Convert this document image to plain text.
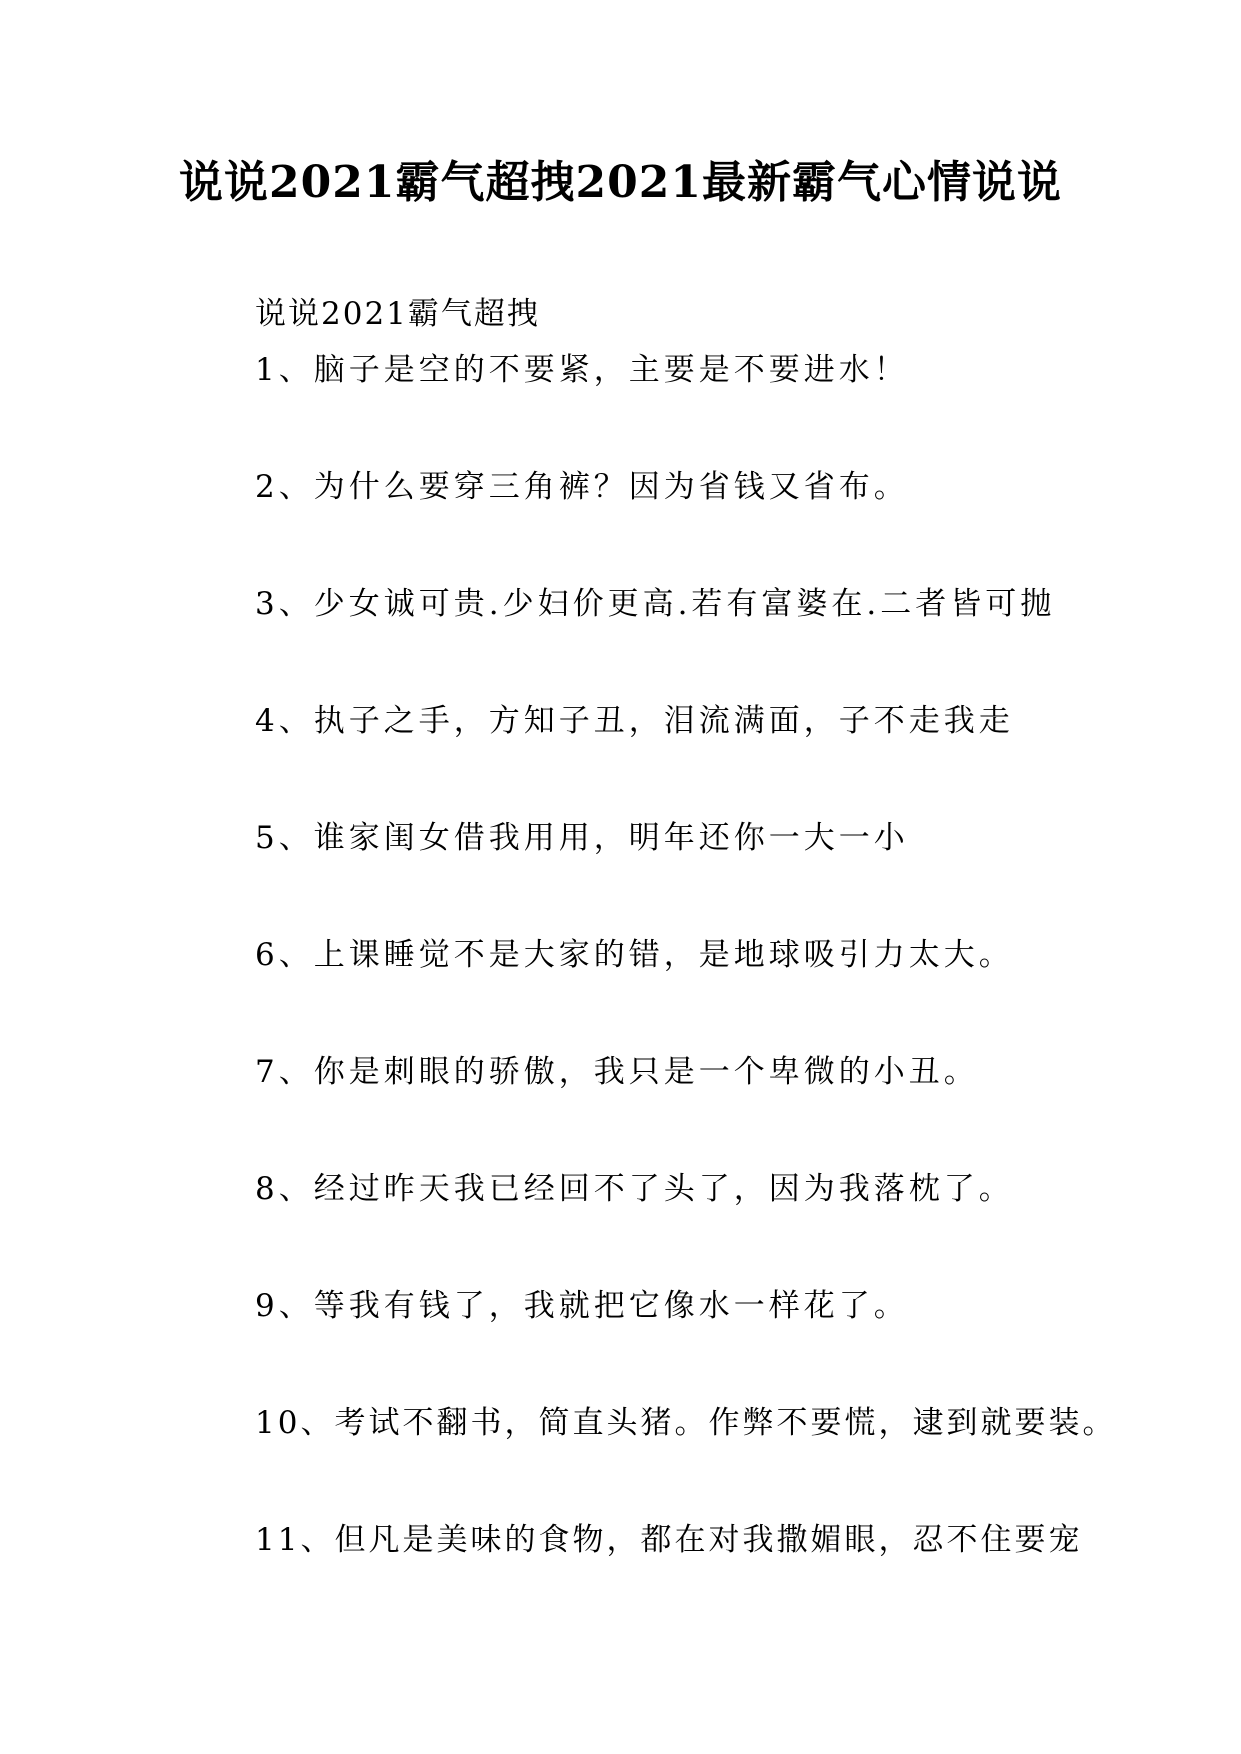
说说2021霸气超拽2021最新霸气心情说说
说说2021霸气超拽
1、脑子是空的不要紧，主要是不要进水！
2、为什么要穿三角裤？因为省钱又省布。
3、少女诚可贵.少妇价更高.若有富婆在.二者皆可抛
4、执子之手，方知子丑，泪流满面，子不走我走
5、谁家闺女借我用用，明年还你一大一小
6、上课睡觉不是大家的错，是地球吸引力太大。
7、你是刺眼的骄傲，我只是一个卑微的小丑。
8、经过昨天我已经回不了头了，因为我落枕了。
9、等我有钱了，我就把它像水一样花了。
10、考试不翻书，简直头猪。作弊不要慌，逮到就要装。
11、但凡是美味的食物，都在对我撒媚眼，忍不住要宠
